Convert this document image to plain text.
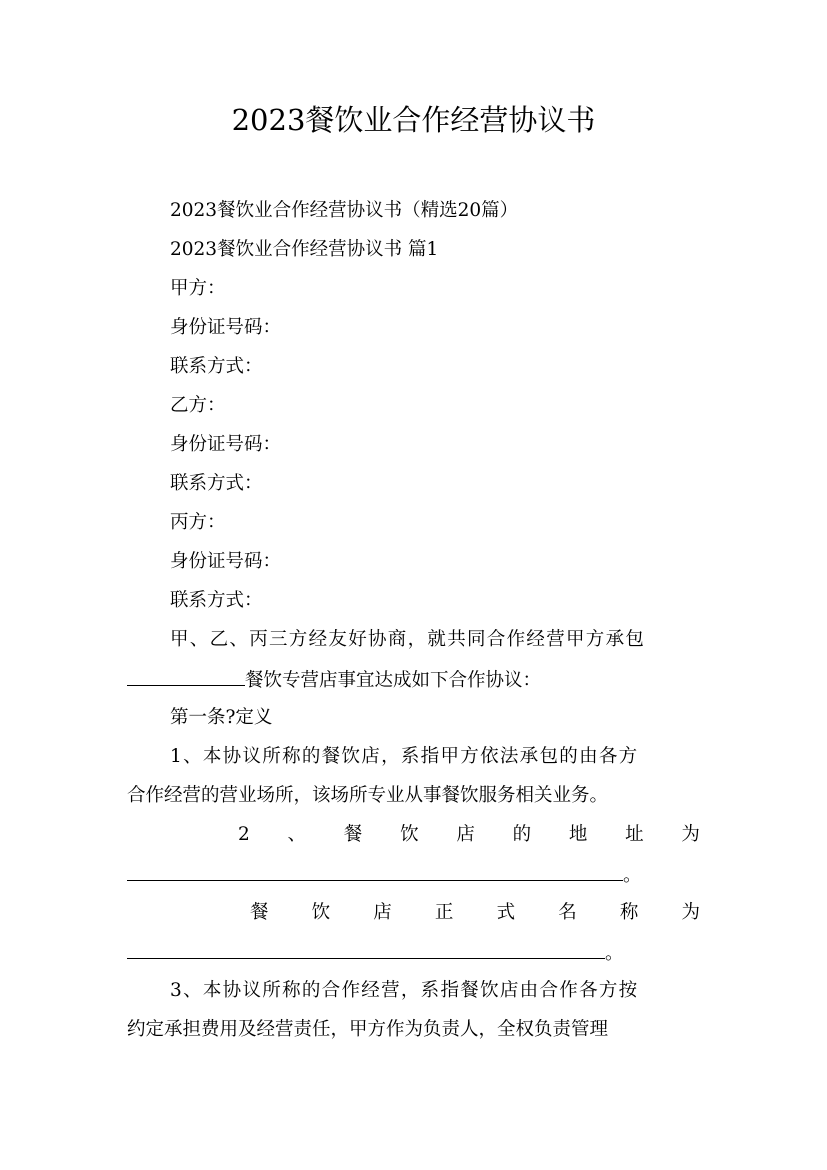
2023餐饮业合作经营协议书
2023餐饮业合作经营协议书（精选20篇）
2023餐饮业合作经营协议书 篇1
甲方：
身份证号码：
联系方式：
乙方：
身份证号码：
联系方式：
丙方：
身份证号码：
联系方式：
甲、乙、丙三方经友好协商，就共同合作经营甲方承包
餐饮专营店事宜达成如下合作协议：
第一条?定义
1、本协议所称的餐饮店，系指甲方依法承包的由各方
合作经营的营业场所，该场所专业从事餐饮服务相关业务。
2 、 餐 饮 店 的 地 址 为
。
餐 饮 店 正 式 名 称 为
。
3、本协议所称的合作经营，系指餐饮店由合作各方按
约定承担费用及经营责任，甲方作为负责人，全权负责管理
